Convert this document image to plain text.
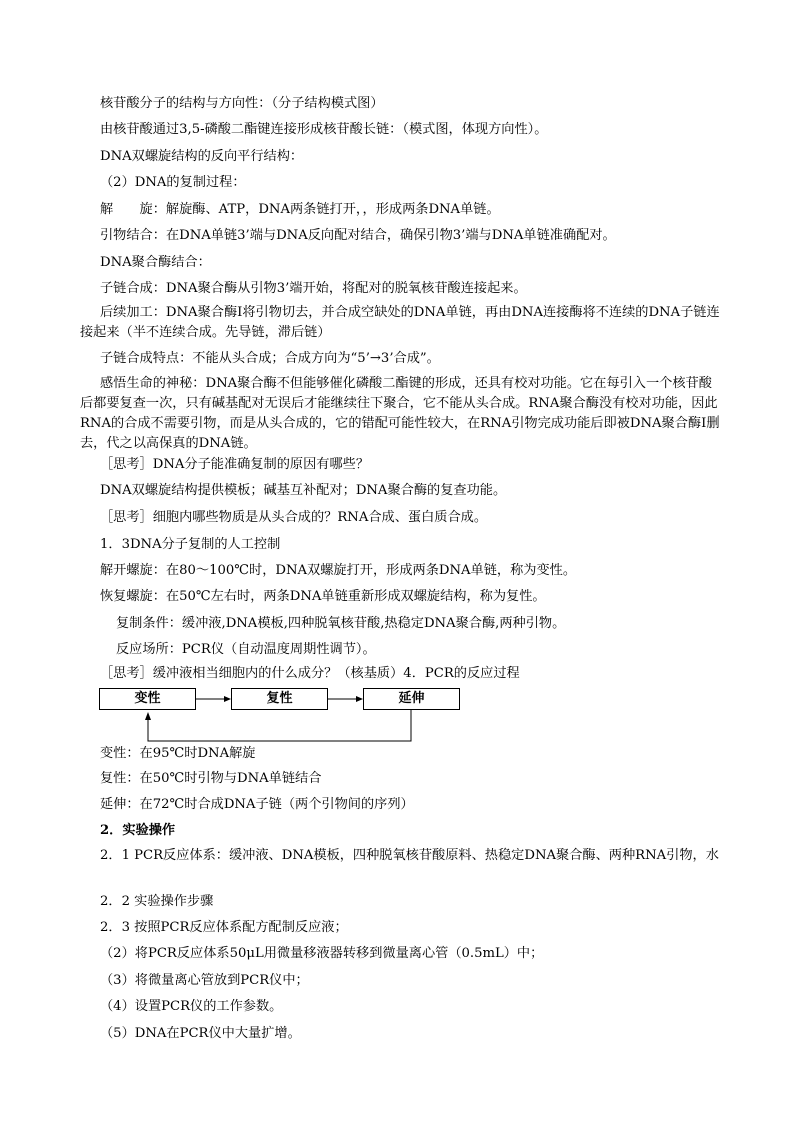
核苷酸分子的结构与方向性：（分子结构模式图）
由核苷酸通过3,5-磷酸二酯键连接形成核苷酸长链：（模式图，体现方向性）。
DNA双螺旋结构的反向平行结构：
（2）DNA的复制过程：
解　　旋：解旋酶、ATP，DNA两条链打开，，形成两条DNA单链。
引物结合：在DNA单链3’端与DNA反向配对结合，确保引物3’端与DNA单链准确配对。
DNA聚合酶结合：
子链合成：DNA聚合酶从引物3’端开始，将配对的脱氧核苷酸连接起来。
后续加工：DNA聚合酶Ⅰ将引物切去，并合成空缺处的DNA单链，再由DNA连接酶将不连续的DNA子链连接起来（半不连续合成。先导链，滞后链）
子链合成特点：不能从头合成；合成方向为“5’→3’合成”。
感悟生命的神秘：DNA聚合酶不但能够催化磷酸二酯键的形成，还具有校对功能。它在每引入一个核苷酸后都要复查一次，只有碱基配对无误后才能继续往下聚合，它不能从头合成。RNA聚合酶没有校对功能，因此RNA的合成不需要引物，而是从头合成的，它的错配可能性较大，在RNA引物完成功能后即被DNA聚合酶Ⅰ删去，代之以高保真的DNA链。
［思考］DNA分子能准确复制的原因有哪些？
DNA双螺旋结构提供模板；碱基互补配对；DNA聚合酶的复查功能。
［思考］细胞内哪些物质是从头合成的？RNA合成、蛋白质合成。
1．3DNA分子复制的人工控制
解开螺旋：在80～100℃时，DNA双螺旋打开，形成两条DNA单链，称为变性。
恢复螺旋：在50℃左右时，两条DNA单链重新形成双螺旋结构，称为复性。
复制条件：缓冲液,DNA模板,四种脱氧核苷酸,热稳定DNA聚合酶,两种引物。
反应场所：PCR仪（自动温度周期性调节）。
［思考］缓冲液相当细胞内的什么成分？（核基质）4．PCR的反应过程
变性	复性	延伸
变性：在95℃时DNA解旋
复性：在50℃时引物与DNA单链结合
延伸：在72℃时合成DNA子链（两个引物间的序列）
2．实验操作
2．1 PCR反应体系：缓冲液、DNA模板，四种脱氧核苷酸原料、热稳定DNA聚合酶、两种RNA引物，水
2．2 实验操作步骤
2．3 按照PCR反应体系配方配制反应液；
（2）将PCR反应体系50μL用微量移液器转移到微量离心管（0.5mL）中；
（3）将微量离心管放到PCR仪中；
（4）设置PCR仪的工作参数。
（5）DNA在PCR仪中大量扩增。
